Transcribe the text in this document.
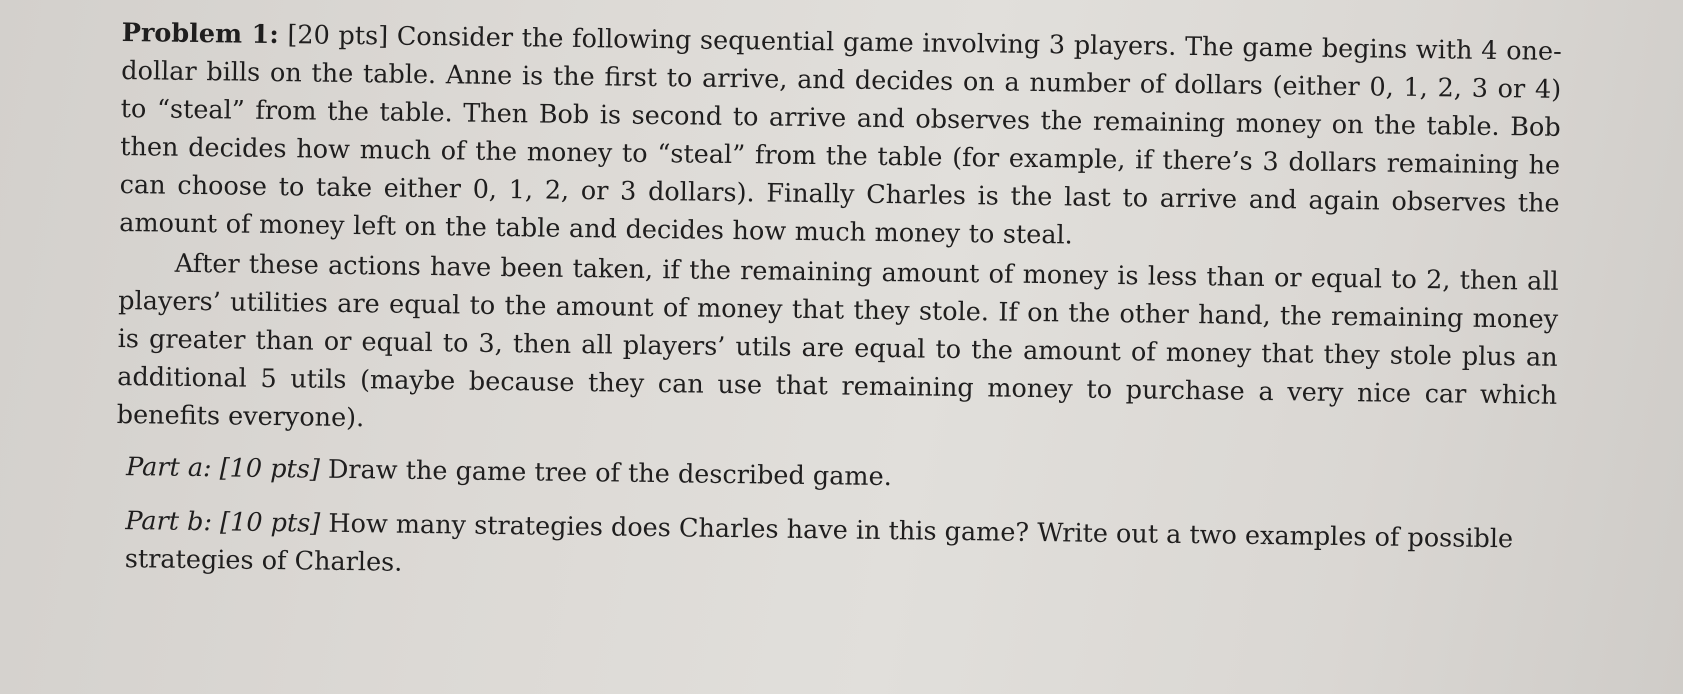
Problem 1: [20 pts] Consider the following sequential game involving 3 players. The game begins with 4 one-dollar bills on the table. Anne is the first to arrive, and decides on a number of dollars (either 0, 1, 2, 3 or 4) to “steal” from the table. Then Bob is second to arrive and observes the remaining money on the table. Bob then decides how much of the money to “steal” from the table (for example, if there’s 3 dollars remaining he can choose to take either 0, 1, 2, or 3 dollars). Finally Charles is the last to arrive and again observes the amount of money left on the table and decides how much money to steal.

After these actions have been taken, if the remaining amount of money is less than or equal to 2, then all players’ utilities are equal to the amount of money that they stole. If on the other hand, the remaining money is greater than or equal to 3, then all players’ utils are equal to the amount of money that they stole plus an additional 5 utils (maybe because they can use that remaining money to purchase a very nice car which benefits everyone).

Part a: [10 pts] Draw the game tree of the described game.

Part b: [10 pts] How many strategies does Charles have in this game? Write out a two examples of possible strategies of Charles.
